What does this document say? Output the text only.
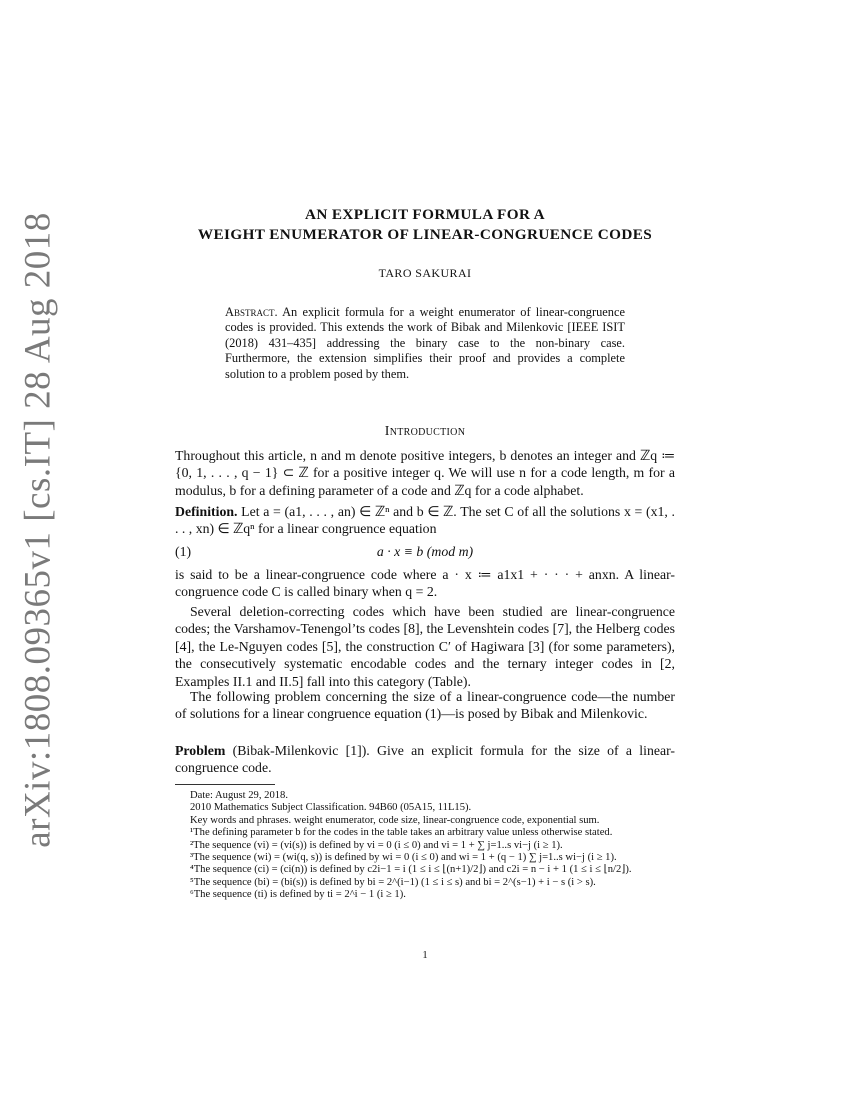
arXiv:1808.09365v1 [cs.IT] 28 Aug 2018	AN EXPLICIT FORMULA FOR A
WEIGHT ENUMERATOR OF LINEAR-CONGRUENCE CODES
TARO SAKURAI
Abstract. An explicit formula for a weight enumerator of linear-congruence codes is provided. This extends the work of Bibak and Milenkovic [IEEE ISIT (2018) 431–435] addressing the binary case to the non-binary case. Furthermore, the extension simplifies their proof and provides a complete solution to a problem posed by them.
Introduction

Throughout this article, n and m denote positive integers, b denotes an integer and ℤq ≔ {0, 1, . . . , q − 1} ⊂ ℤ for a positive integer q. We will use n for a code length, m for a modulus, b for a defining parameter of a code and ℤq for a code alphabet.

Definition. Let a = (a1, . . . , an) ∈ ℤⁿ and b ∈ ℤ. The set C of all the solutions x = (x1, . . . , xn) ∈ ℤqⁿ for a linear congruence equation

(1)	a · x ≡ b (mod m)

is said to be a linear-congruence code where a · x ≔ a1x1 + · · · + anxn. A linear-congruence code C is called binary when q = 2.

Several deletion-correcting codes which have been studied are linear-congruence codes; the Varshamov-Tenengol’ts codes [8], the Levenshtein codes [7], the Helberg codes [4], the Le-Nguyen codes [5], the construction C′ of Hagiwara [3] (for some parameters), the consecutively systematic encodable codes and the ternary integer codes in [2, Examples II.1 and II.5] fall into this category (Table).

The following problem concerning the size of a linear-congruence code—the number of solutions for a linear congruence equation (1)—is posed by Bibak and Milenkovic.

Problem (Bibak-Milenkovic [1]). Give an explicit formula for the size of a linear-congruence code.

Date: August 29, 2018.

2010 Mathematics Subject Classification. 94B60 (05A15, 11L15).

Key words and phrases. weight enumerator, code size, linear-congruence code, exponential sum.

¹The defining parameter b for the codes in the table takes an arbitrary value unless otherwise stated.

²The sequence (vi) = (vi(s)) is defined by vi = 0 (i ≤ 0) and vi = 1 + ∑ j=1..s vi−j (i ≥ 1).

³The sequence (wi) = (wi(q, s)) is defined by wi = 0 (i ≤ 0) and wi = 1 + (q − 1) ∑ j=1..s wi−j (i ≥ 1).

⁴The sequence (ci) = (ci(n)) is defined by c2i−1 = i (1 ≤ i ≤ ⌊(n+1)/2⌋) and c2i = n − i + 1 (1 ≤ i ≤ ⌊n/2⌋).

⁵The sequence (bi) = (bi(s)) is defined by bi = 2^(i−1) (1 ≤ i ≤ s) and bi = 2^(s−1) + i − s (i > s).

⁶The sequence (ti) is defined by ti = 2^i − 1 (i ≥ 1).

1
